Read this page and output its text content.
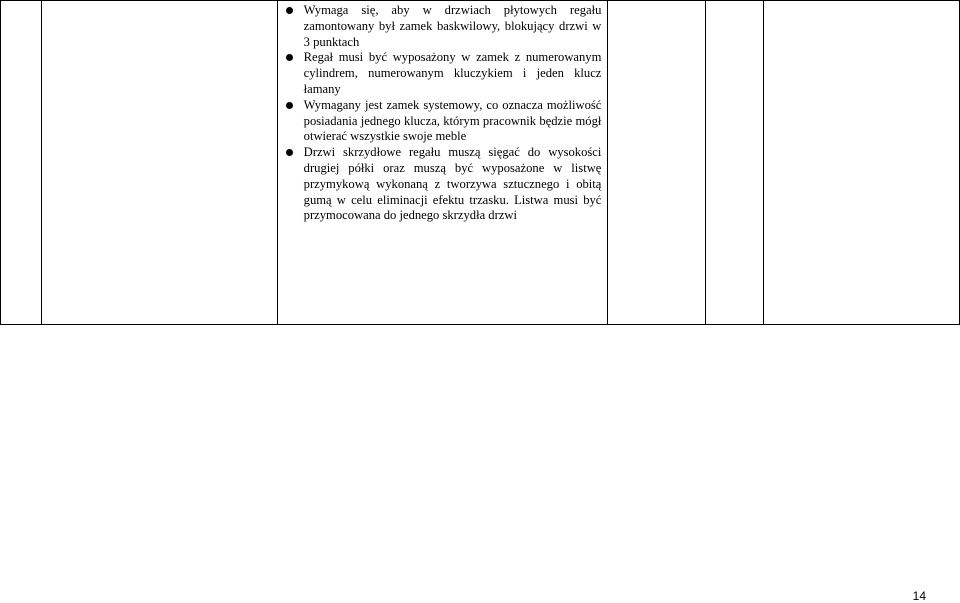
Wymaga się, aby w drzwiach płytowych regału zamontowany był zamek baskwilowy, blokujący drzwi w 3 punktach
Regał musi być wyposażony w zamek z numerowanym cylindrem, numerowanym kluczykiem i jeden klucz łamany
Wymagany jest zamek systemowy, co oznacza możliwość posiadania jednego klucza, którym pracownik będzie mógł otwierać wszystkie swoje meble
Drzwi skrzydłowe regału muszą sięgać do wysokości drugiej półki oraz muszą być wyposażone w listwę przymykową wykonaną z tworzywa sztucznego i obitą gumą w celu eliminacji efektu trzasku. Listwa musi być przymocowana do jednego skrzydła drzwi

14
